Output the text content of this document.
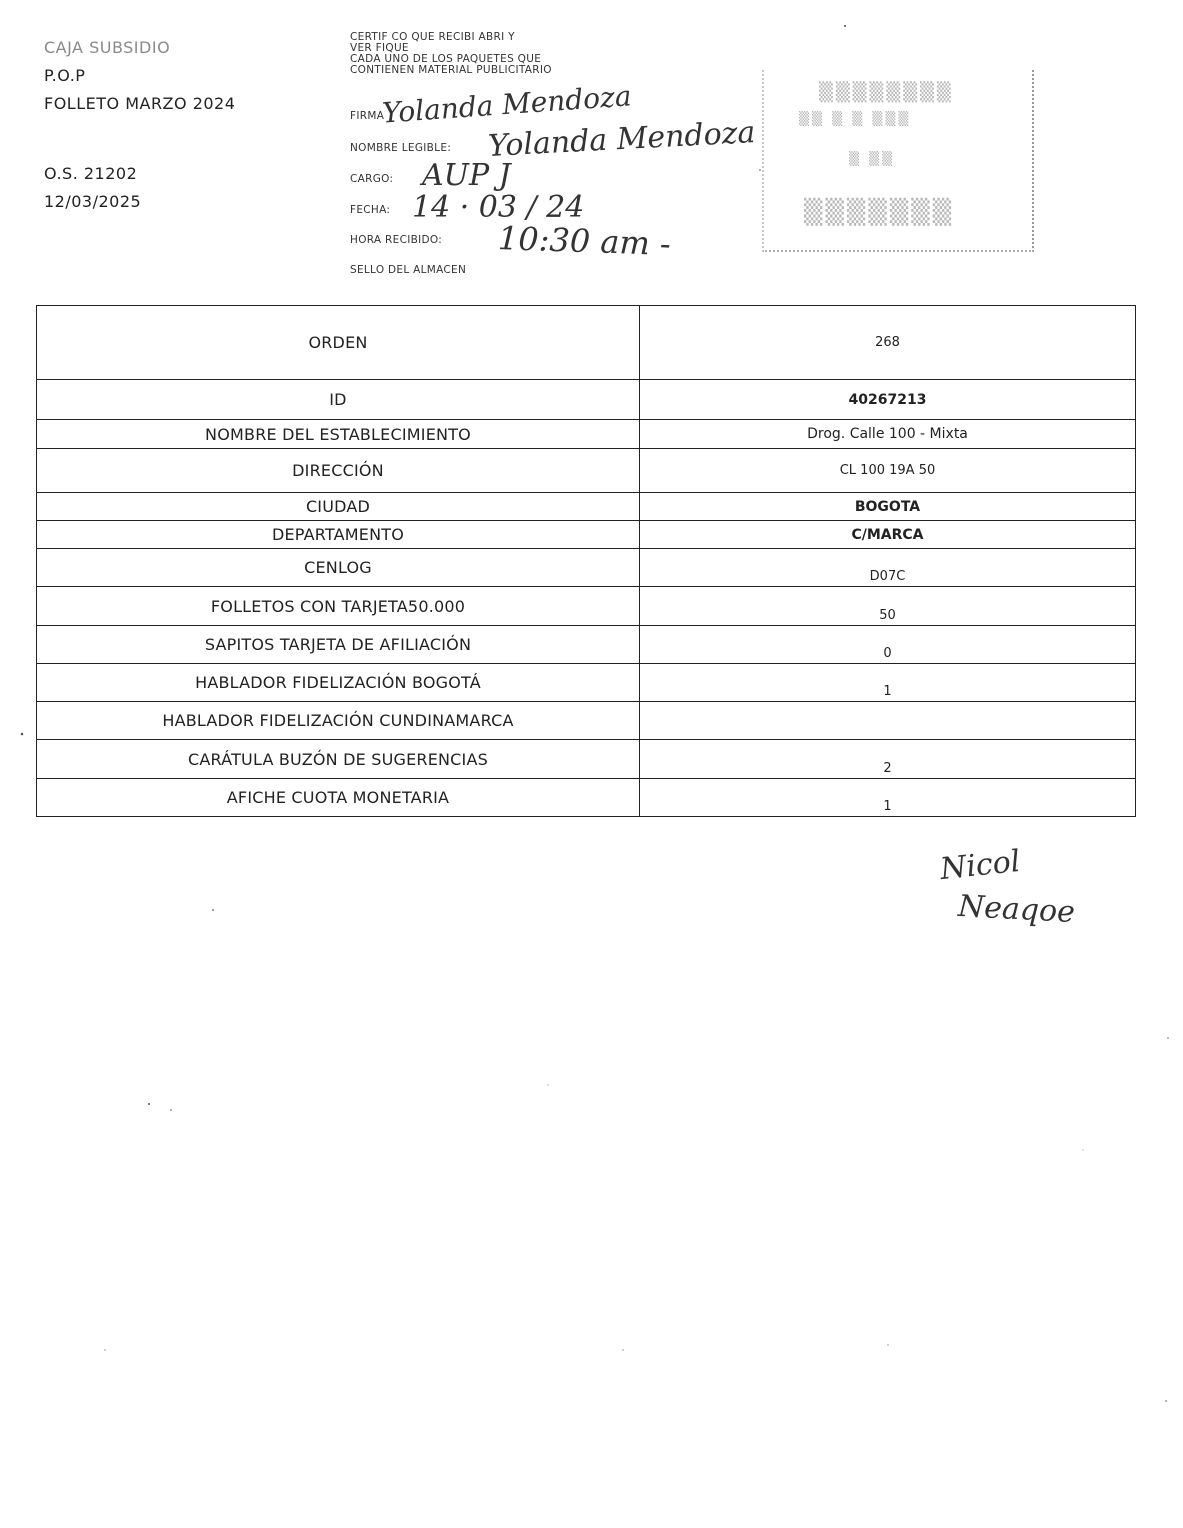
CAJA SUBSIDIO
P.O.P
FOLLETO MARZO 2024
O.S. 21202
12/03/2025
CERTIF CO QUE RECIBI ABRI Y
VER FIQUE
CADA UNO DE LOS PAQUETES QUE
CONTIENEN MATERIAL PUBLICITARIO
FIRMA
Yolanda Mendoza
NOMBRE LEGIBLE: Yolanda Mendoza
CARGO: AUP J
FECHA: 14 · 03 / 24
HORA RECIBIDO: 10:30 am -
SELLO DEL ALMACEN
▒▒▒▒▒▒▒▒
▒▒ ▒ ▒ ▒▒▒
▒ ▒▒
▒▒▒▒▒▒▒
ORDEN	268
ID	40267213
NOMBRE DEL ESTABLECIMIENTO	Drog. Calle 100 - Mixta
DIRECCIÓN	CL 100 19A 50
CIUDAD	BOGOTA
DEPARTAMENTO	C/MARCA
CENLOG	D07C
FOLLETOS CON TARJETA50.000	50
SAPITOS TARJETA DE AFILIACIÓN	0
HABLADOR FIDELIZACIÓN BOGOTÁ	1
HABLADOR FIDELIZACIÓN CUNDINAMARCA	
CARÁTULA BUZÓN DE SUGERENCIAS	2
AFICHE CUOTA MONETARIA	1
Nicol
Neaqoe
